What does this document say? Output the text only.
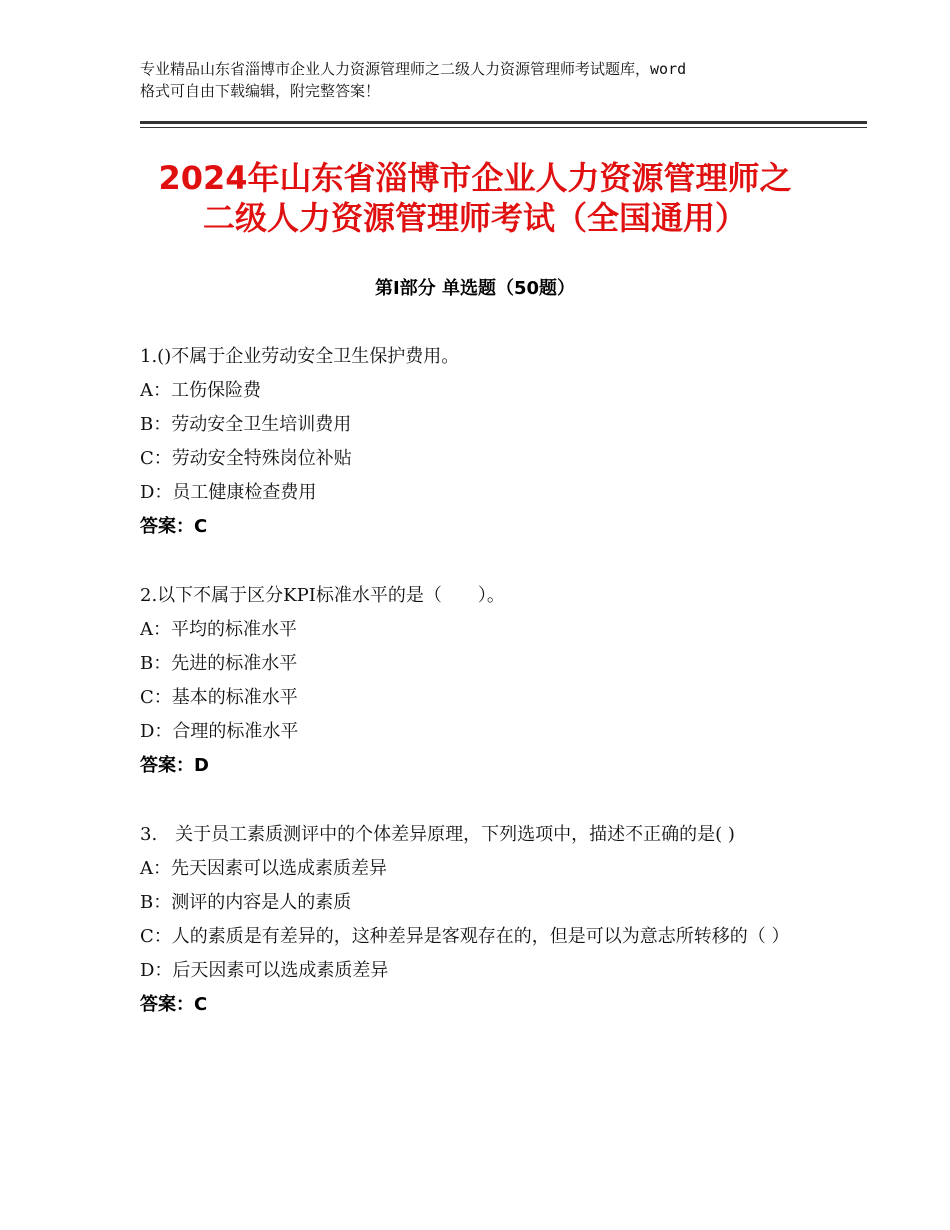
专业精品山东省淄博市企业人力资源管理师之二级人力资源管理师考试题库，word
格式可自由下载编辑，附完整答案！
2024年山东省淄博市企业人力资源管理师之
二级人力资源管理师考试（全国通用）
第Ⅰ部分 单选题（50题）
1.()不属于企业劳动安全卫生保护费用。
A：工伤保险费
B：劳动安全卫生培训费用
C：劳动安全特殊岗位补贴
D：员工健康检查费用
答案：C
2.以下不属于区分KPI标准水平的是（　　）。
A：平均的标准水平
B：先进的标准水平
C：基本的标准水平
D：合理的标准水平
答案：D
3.　关于员工素质测评中的个体差异原理，下列选项中，描述不正确的是( )
A：先天因素可以选成素质差异
B：测评的内容是人的素质
C：人的素质是有差异的，这种差异是客观存在的，但是可以为意志所转移的（ ）
D：后天因素可以选成素质差异
答案：C
